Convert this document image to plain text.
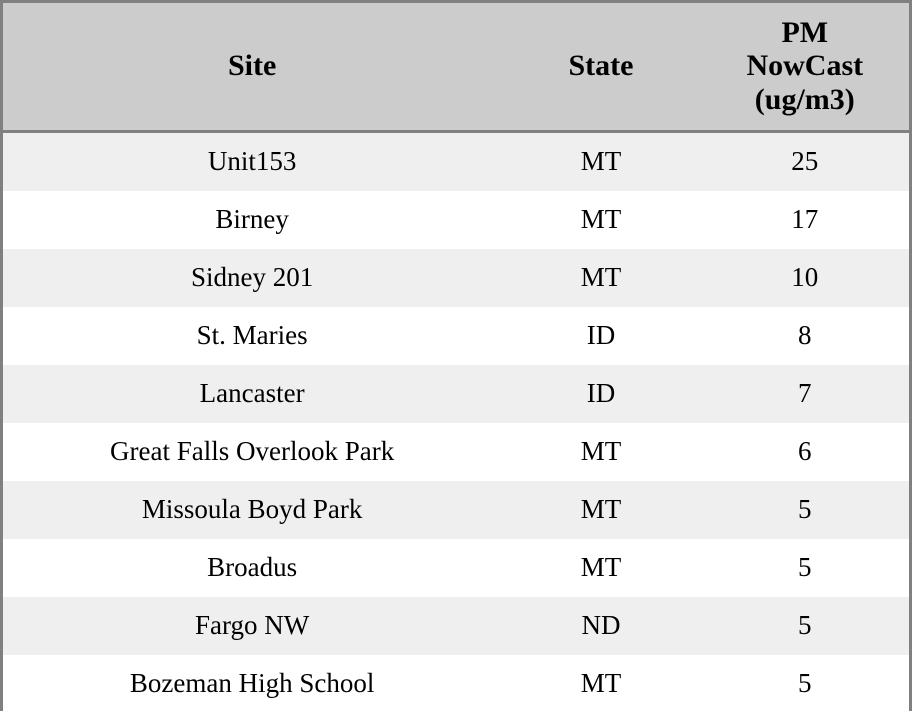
Site	State	PM
NowCast
(ug/m3)

Unit153	MT	25
Birney	MT	17
Sidney 201	MT	10
St. Maries	ID	8
Lancaster	ID	7
Great Falls Overlook Park	MT	6
Missoula Boyd Park	MT	5
Broadus	MT	5
Fargo NW	ND	5
Bozeman High School	MT	5
